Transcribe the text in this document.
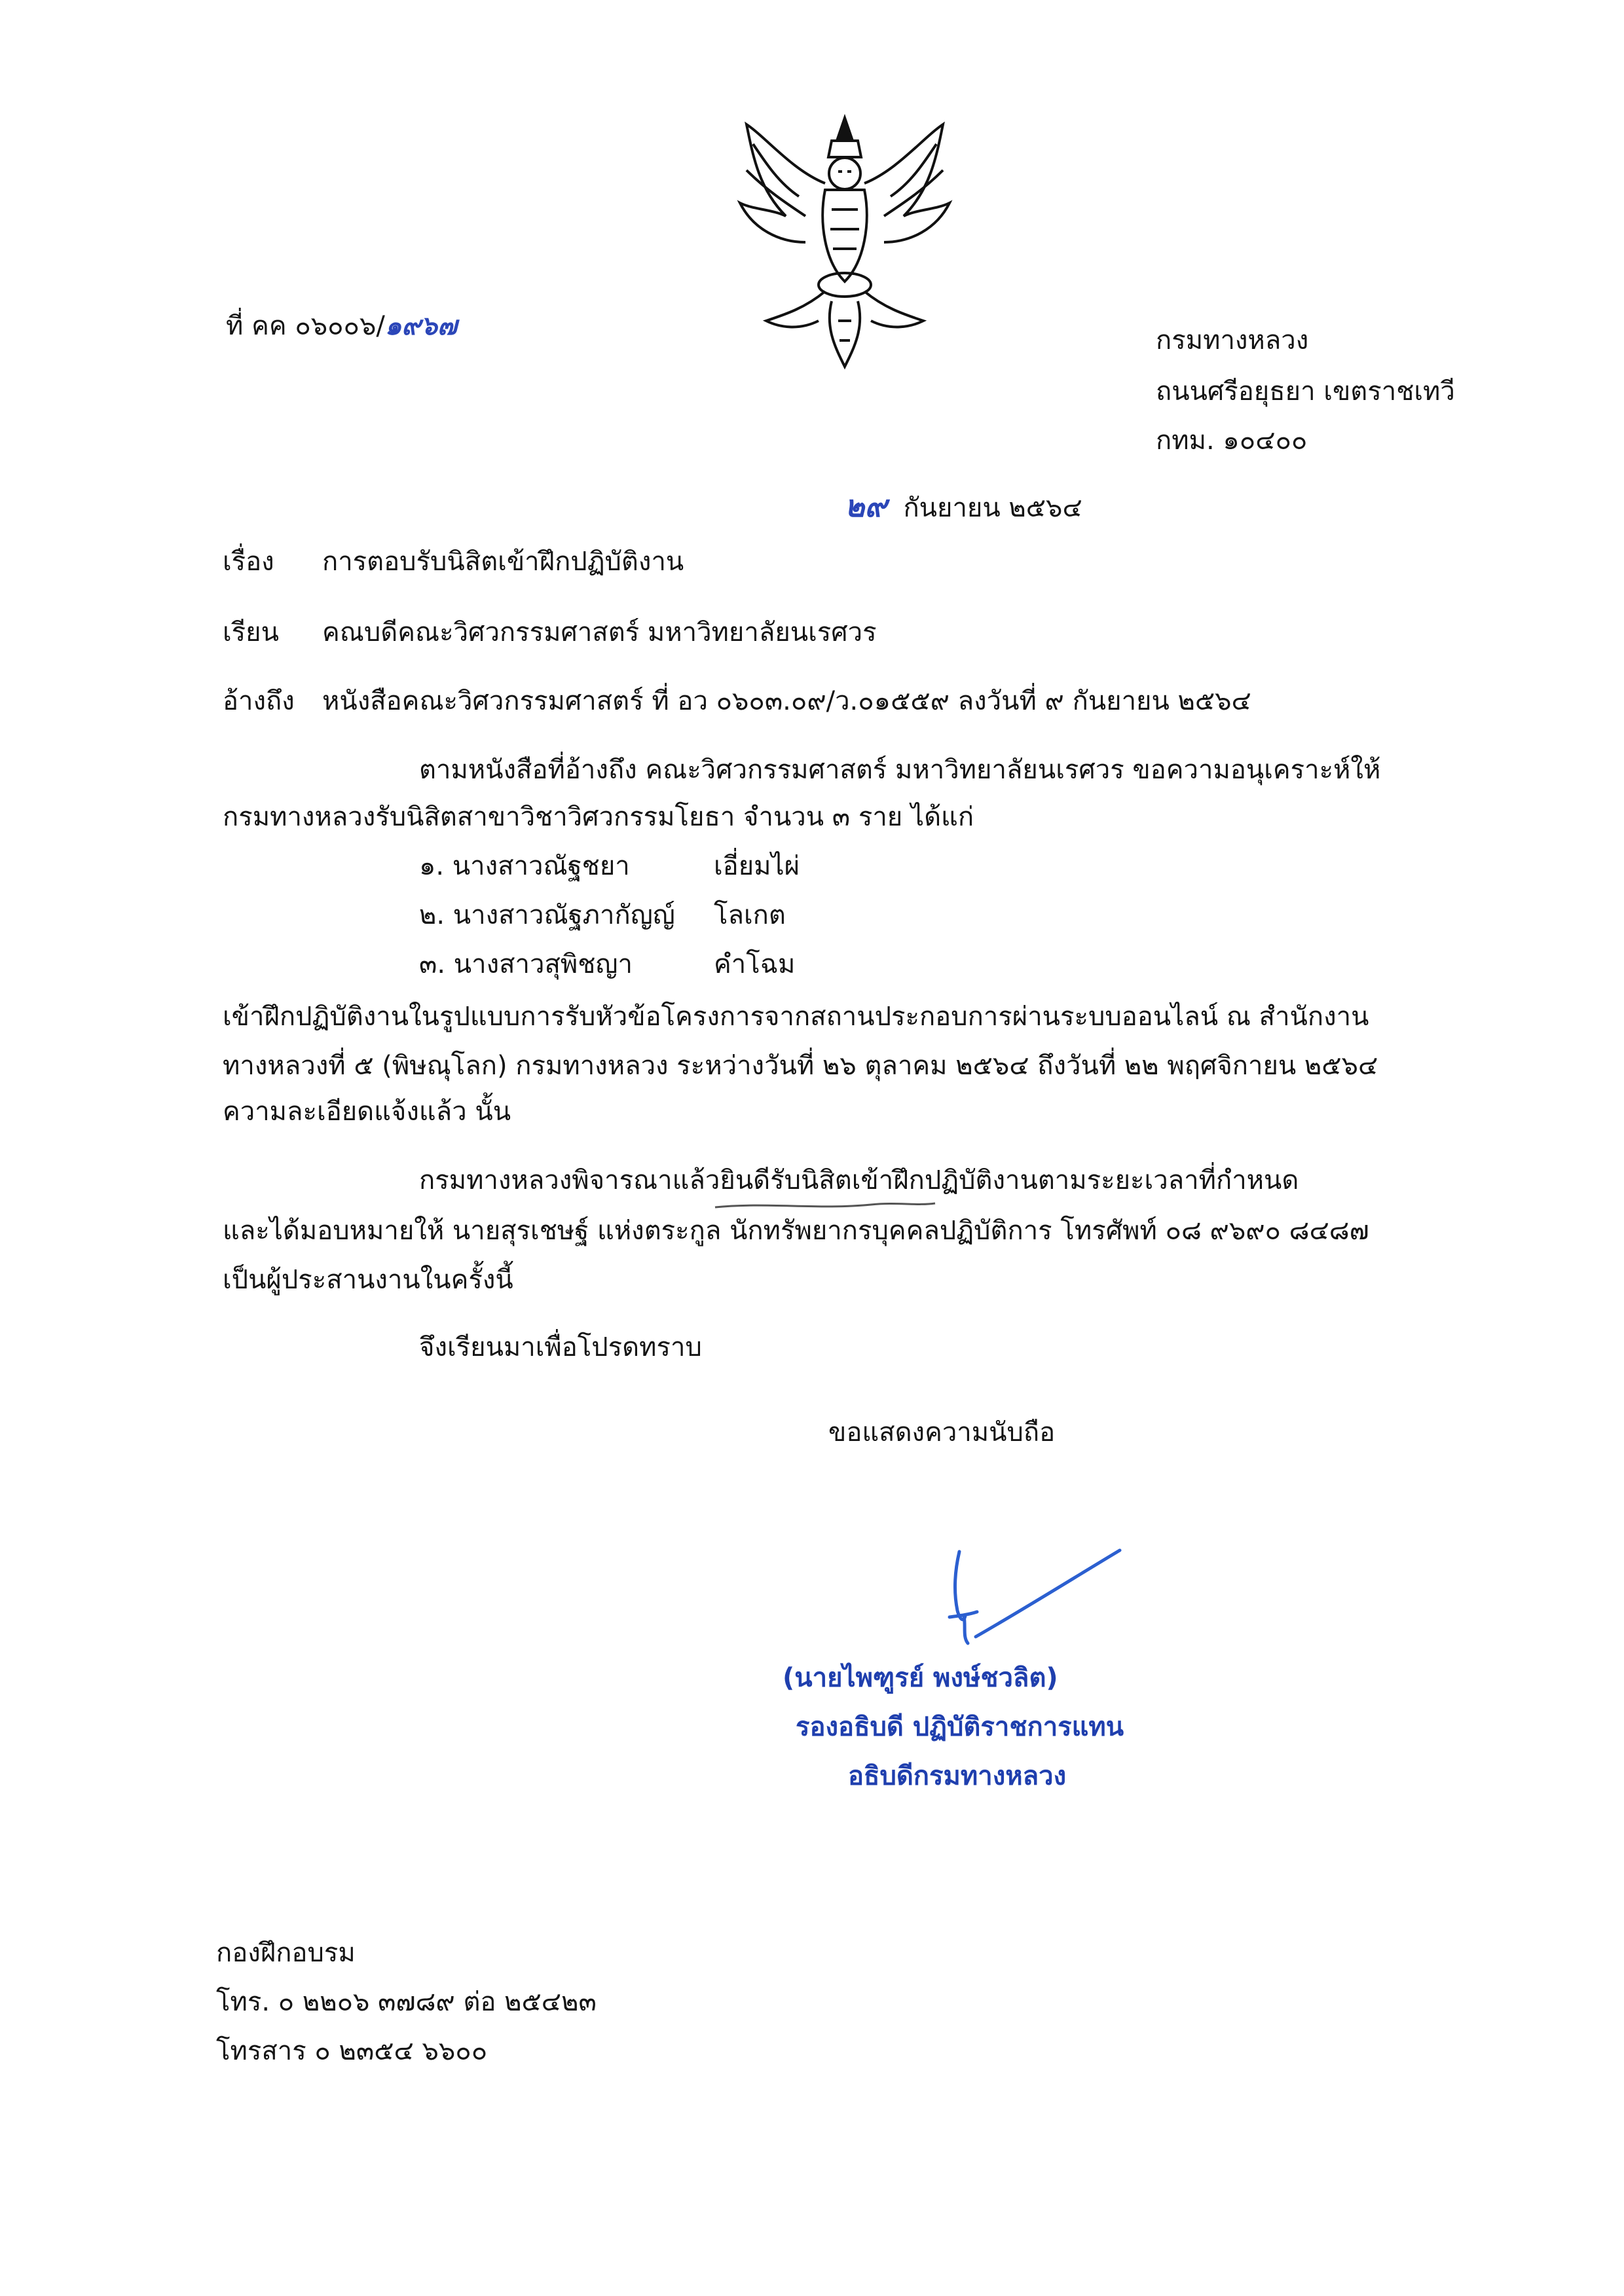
ที่ คค ๐๖๐๐๖/๑๙๖๗	กรมทางหลวง
ถนนศรีอยุธยา เขตราชเทวี
กทม. ๑๐๔๐๐
๒๙ กันยายน ๒๕๖๔
เรื่อง การตอบรับนิสิตเข้าฝึกปฏิบัติงาน
เรียน คณบดีคณะวิศวกรรมศาสตร์ มหาวิทยาลัยนเรศวร
อ้างถึง หนังสือคณะวิศวกรรมศาสตร์ ที่ อว ๐๖๐๓.๐๙/ว.๐๑๕๕๙ ลงวันที่ ๙ กันยายน ๒๕๖๔
ตามหนังสือที่อ้างถึง คณะวิศวกรรมศาสตร์ มหาวิทยาลัยนเรศวร ขอความอนุเคราะห์ให้
กรมทางหลวงรับนิสิตสาขาวิชาวิศวกรรมโยธา จำนวน ๓ ราย ได้แก่
๑. นางสาวณัฐชยา	เอี่ยมไผ่
๒. นางสาวณัฐภากัญญ์ โลเกต
๓. นางสาวสุพิชญา	คำโฉม
เข้าฝึกปฏิบัติงานในรูปแบบการรับหัวข้อโครงการจากสถานประกอบการผ่านระบบออนไลน์ ณ สำนักงาน
ทางหลวงที่ ๕ (พิษณุโลก) กรมทางหลวง ระหว่างวันที่ ๒๖ ตุลาคม ๒๕๖๔ ถึงวันที่ ๒๒ พฤศจิกายน ๒๕๖๔
ความละเอียดแจ้งแล้ว นั้น
กรมทางหลวงพิจารณาแล้วยินดีรับนิสิตเข้าฝึกปฏิบัติงานตามระยะเวลาที่กำหนด
และได้มอบหมายให้ นายสุรเชษฐ์ แห่งตระกูล นักทรัพยากรบุคคลปฏิบัติการ โทรศัพท์ ๐๘ ๙๖๙๐ ๘๔๘๗
เป็นผู้ประสานงานในครั้งนี้
จึงเรียนมาเพื่อโปรดทราบ
ขอแสดงความนับถือ
(นายไพฑูรย์ พงษ์ชวลิต)
รองอธิบดี ปฏิบัติราชการแทน
อธิบดีกรมทางหลวง
กองฝึกอบรม
โทร. ๐ ๒๒๐๖ ๓๗๘๙ ต่อ ๒๕๔๒๓
โทรสาร ๐ ๒๓๕๔ ๖๖๐๐
